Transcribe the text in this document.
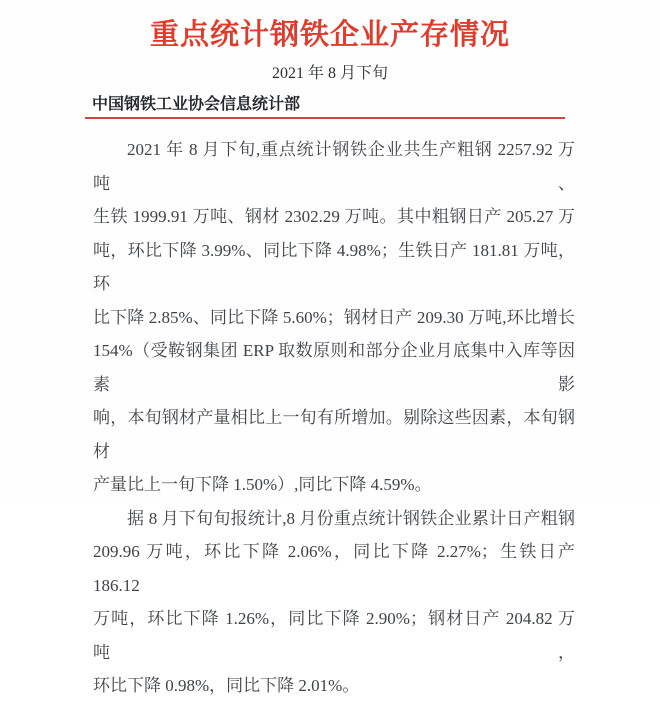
重点统计钢铁企业产存情况
2021 年 8 月下旬
中国钢铁工业协会信息统计部
2021 年 8 月下旬,重点统计钢铁企业共生产粗钢 2257.92 万吨、
生铁 1999.91 万吨、钢材 2302.29 万吨。其中粗钢日产 205.27 万
吨，环比下降 3.99%、同比下降 4.98%；生铁日产 181.81 万吨，环
比下降 2.85%、同比下降 5.60%；钢材日产 209.30 万吨,环比增长
154%（受鞍钢集团 ERP 取数原则和部分企业月底集中入库等因素影
响，本旬钢材产量相比上一旬有所增加。剔除这些因素，本旬钢材
产量比上一旬下降 1.50%）,同比下降 4.59%。
据 8 月下旬旬报统计,8 月份重点统计钢铁企业累计日产粗钢
209.96 万吨，环比下降 2.06%，同比下降 2.27%；生铁日产 186.12
万吨，环比下降 1.26%，同比下降 2.90%；钢材日产 204.82 万吨，
环比下降 0.98%，同比下降 2.01%。
